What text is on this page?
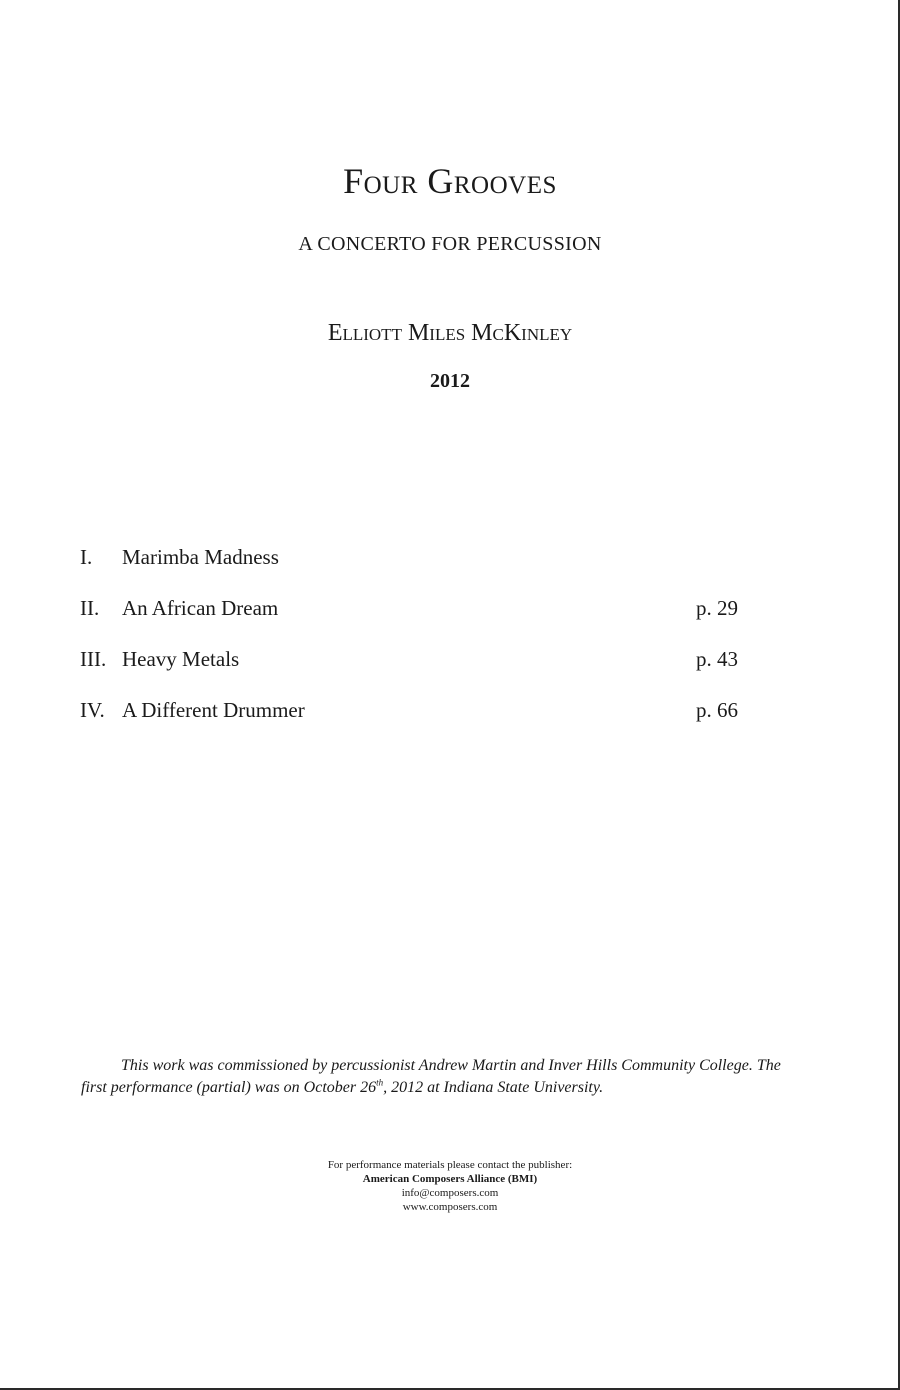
Four Grooves
A CONCERTO FOR PERCUSSION
Elliott Miles McKinley
2012
I. Marimba Madness
II. An African Dream	p. 29
III. Heavy Metals	p. 43
IV. A Different Drummer	p. 66
This work was commissioned by percussionist Andrew Martin and Inver Hills Community College. The first performance (partial) was on October 26th, 2012 at Indiana State University.
For performance materials please contact the publisher:
American Composers Alliance (BMI)
info@composers.com
www.composers.com
